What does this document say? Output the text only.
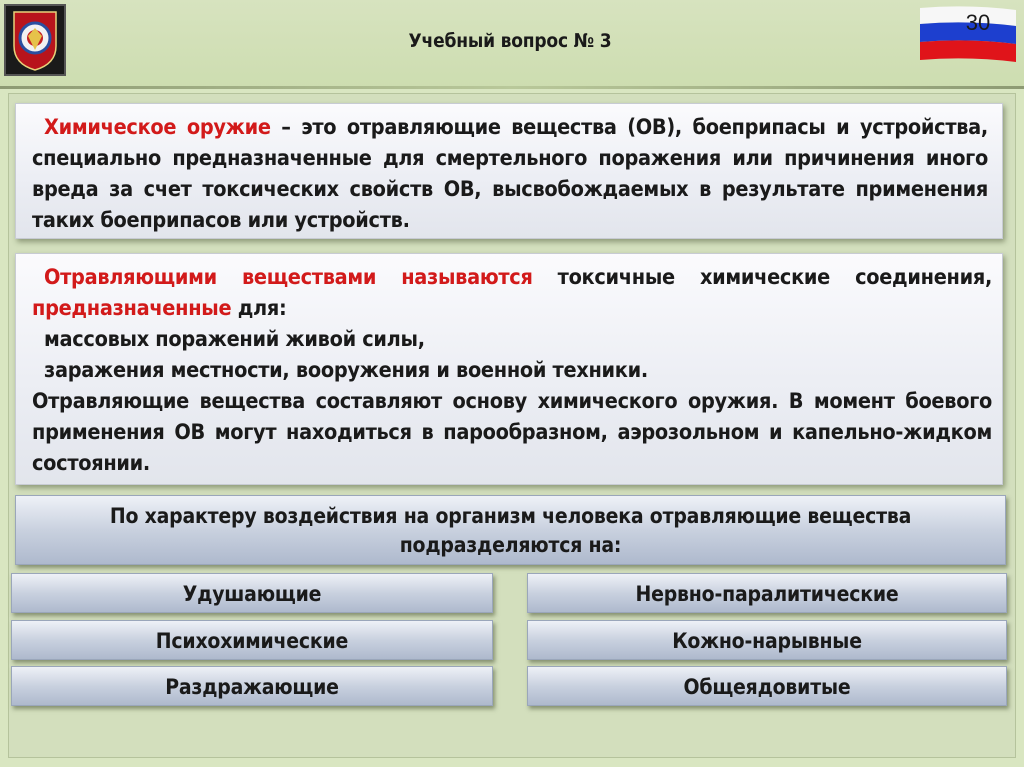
Учебный вопрос № 3
30
Химическое оружие – это отравляющие вещества (ОВ), боеприпасы и устройства,
специально предназначенные для смертельного поражения или причинения иного
вреда за счет токсических свойств ОВ, высвобождаемых в результате применения
таких боеприпасов или устройств.
Отравляющими веществами называются токсичные химические соединения,
предназначенные для:
массовых поражений живой силы,
заражения местности, вооружения и военной техники.
Отравляющие вещества составляют основу химического оружия. В момент боевого
применения ОВ могут находиться в парообразном, аэрозольном и капельно-жидком
состоянии.
По характеру воздействия на организм человека отравляющие вещества
подразделяются на:
Удушающие
Психохимические
Раздражающие
Нервно-паралитические
Кожно-нарывные
Общеядовитые
